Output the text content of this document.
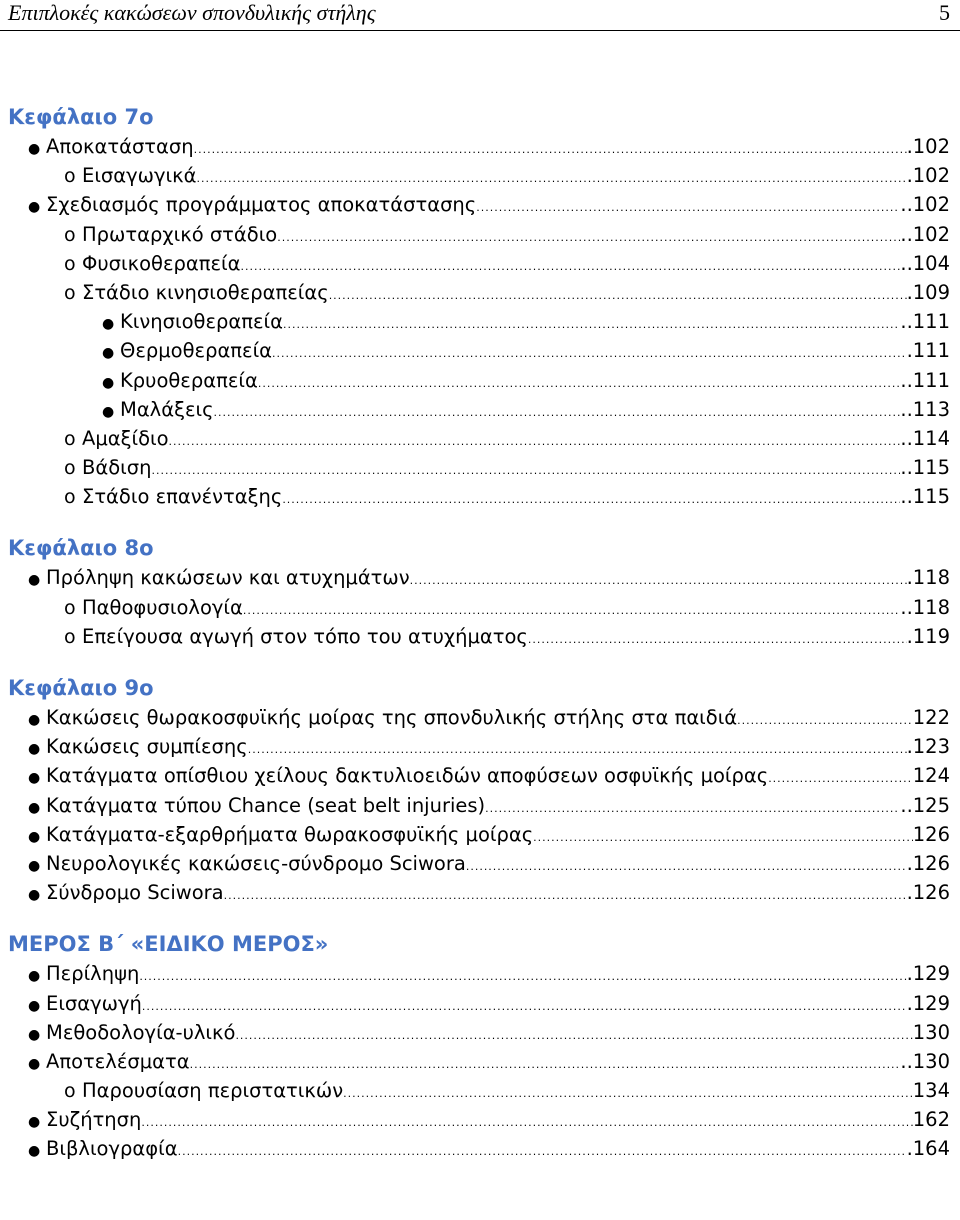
Επιπλοκές κακώσεων σπονδυλικής στήλης	5
Κεφάλαιο 7ο
● Αποκατάσταση .....	.102
o Εισαγωγικά .....	.102
● Σχεδιασμός προγράμματος αποκατάστασης .....	..102
o Πρωταρχικό στάδιο .....	..102
o Φυσικοθεραπεία .....	..104
o Στάδιο κινησιοθεραπείας .....	.109
● Κινησιοθεραπεία .....	..111
● Θερμοθεραπεία .....	.111
● Κρυοθεραπεία .....	..111
● Μαλάξεις .....	..113
o Αμαξίδιο .....	..114
o Βάδιση .....	..115
o Στάδιο επανένταξης .....	..115
Κεφάλαιο 8ο
● Πρόληψη κακώσεων και ατυχημάτων .....	.118
o Παθοφυσιολογία .....	..118
o Επείγουσα αγωγή στον τόπο του ατυχήματος .....	.119
Κεφάλαιο 9ο
● Κακώσεις θωρακοσφυϊκής μοίρας της σπονδυλικής στήλης στα παιδιά .....	122
● Κακώσεις συμπίεσης .....	.123
● Κατάγματα οπίσθιου χείλους δακτυλιοειδών αποφύσεων οσφυϊκής μοίρας .....	124
● Κατάγματα τύπου Chance (seat belt injuries) .....	..125
● Κατάγματα-εξαρθρήματα θωρακοσφυϊκής μοίρας .....	126
● Νευρολογικές κακώσεις-σύνδρομο Sciwora .....	.126
● Σύνδρομο Sciwora .....	.126
ΜΕΡΟΣ Β΄ «ΕΙΔΙΚΟ ΜΕΡΟΣ»
● Περίληψη .....	.129
● Εισαγωγή .....	.129
● Μεθοδολογία-υλικό .....	130
● Αποτελέσματα .....	..130
o Παρουσίαση περιστατικών .....	134
● Συζήτηση .....	162
● Βιβλιογραφία .....	.164
